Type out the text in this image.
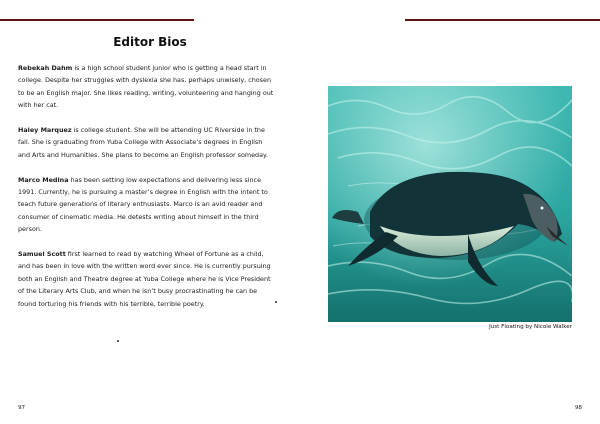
Editor Bios

Rebekah Dahm is a high school student junior who is getting a head start in college. Despite her struggles with dyslexia she has, perhaps unwisely, chosen to be an English major. She likes reading, writing, volunteering and hanging out with her cat.

Haley Marquez is college student. She will be attending UC Riverside in the fall. She is graduating from Yuba College with Associate’s degrees in English and Arts and Humanities. She plans to become an English professor someday.

Marco Medina has been setting low expectations and delivering less since 1991. Currently, he is pursuing a master’s degree in English with the intent to teach future generations of literary enthusiasts. Marco is an avid reader and consumer of cinematic media. He detests writing about himself in the third person.

Samuel Scott first learned to read by watching Wheel of Fortune as a child, and has been in love with the written word ever since. He is currently pursuing both an English and Theatre degree at Yuba College where he is Vice President of the Literary Arts Club, and when he isn’t busy procrastinating he can be found torturing his friends with his terrible, terrible poetry.

Just Floating by Nicole Walker
97	98
